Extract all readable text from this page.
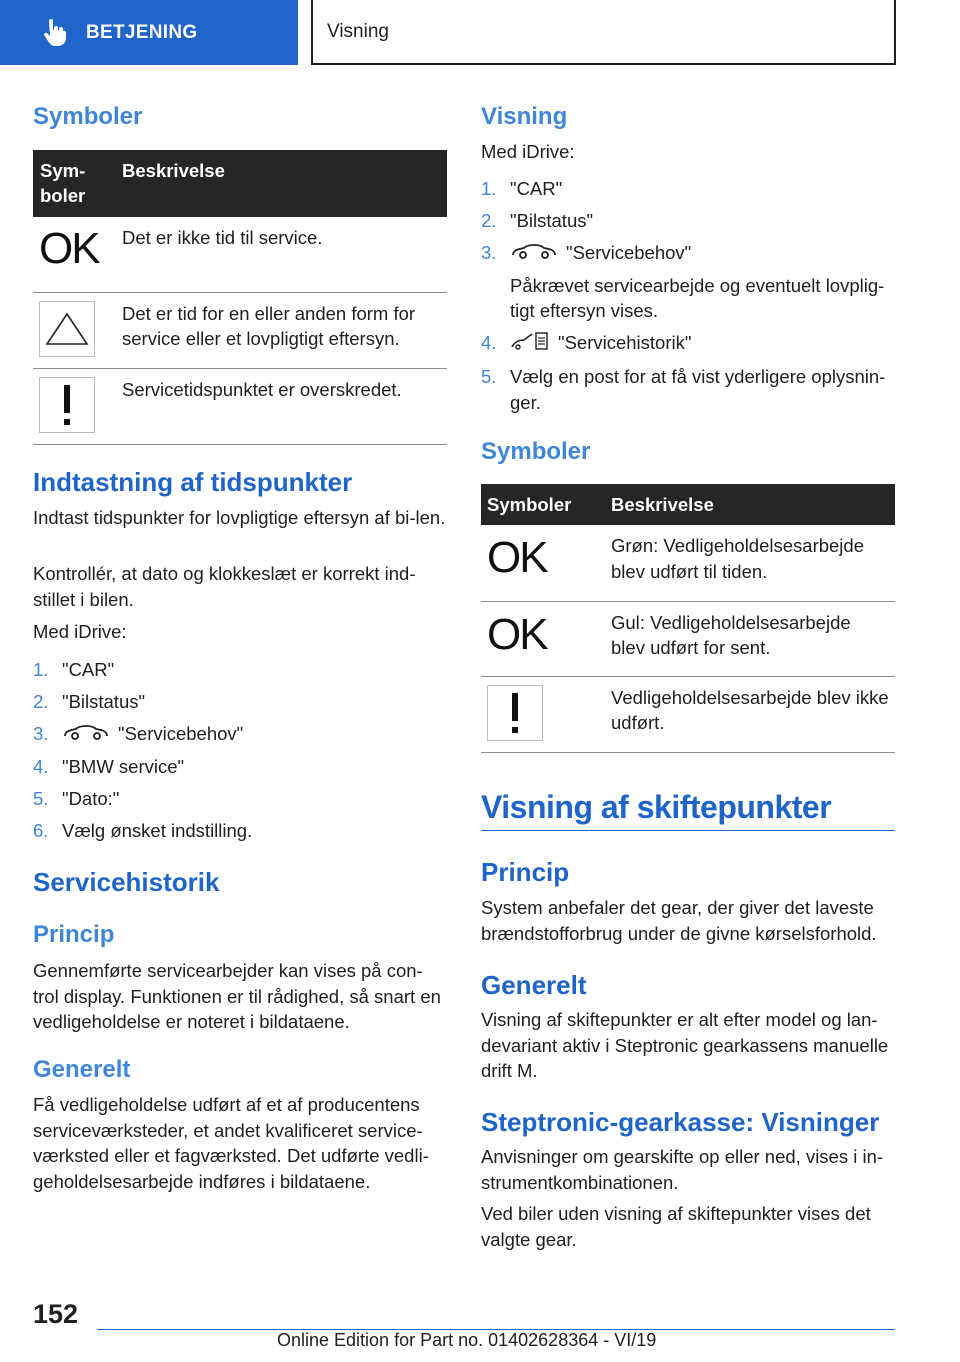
BETJENING	Visning
Symboler
Sym-boler	Beskrivelse

OK	Det er ikke tid til service.

	Det er tid for en eller anden form for service eller et lovpligtigt eftersyn.

	Servicetidspunktet er overskredet.
Indtastning af tidspunkter
Indtast tidspunkter for lovpligtige eftersyn af bi-len.
Kontrollér, at dato og klokkeslæt er korrekt ind-stillet i bilen.
Med iDrive:
1. "CAR"
2. "Bilstatus"
3.	"Servicebehov"
4. "BMW service"
5. "Dato:"
6. Vælg ønsket indstilling.
Servicehistorik
Princip
Gennemførte servicearbejder kan vises på con-trol display. Funktionen er til rådighed, så snart en vedligeholdelse er noteret i bildataene.
Generelt
Få vedligeholdelse udført af et af producentens serviceværksteder, et andet kvalificeret service-værksted eller et fagværksted. Det udførte vedli-geholdelsesarbejde indføres i bildataene.
Visning
Med iDrive:
1. "CAR"
2. "Bilstatus"
3.	"Servicebehov"
Påkrævet servicearbejde og eventuelt lovplig-tigt eftersyn vises.
4.	"Servicehistorik"
5. Vælg en post for at få vist yderligere oplysnin-ger.
Symboler
Symboler	Beskrivelse

OK	Grøn: Vedligeholdelsesarbejde blev udført til tiden.

OK	Gul: Vedligeholdelsesarbejde blev udført for sent.

	Vedligeholdelsesarbejde blev ikke udført.
Visning af skiftepunkter
Princip
System anbefaler det gear, der giver det laveste brændstofforbrug under de givne kørselsforhold.
Generelt
Visning af skiftepunkter er alt efter model og lan-devariant aktiv i Steptronic gearkassens manuelle drift M.
Steptronic-gearkasse: Visninger
Anvisninger om gearskifte op eller ned, vises i in-strumentkombinationen.
Ved biler uden visning af skiftepunkter vises det valgte gear.
152
Online Edition for Part no. 01402628364 - VI/19
